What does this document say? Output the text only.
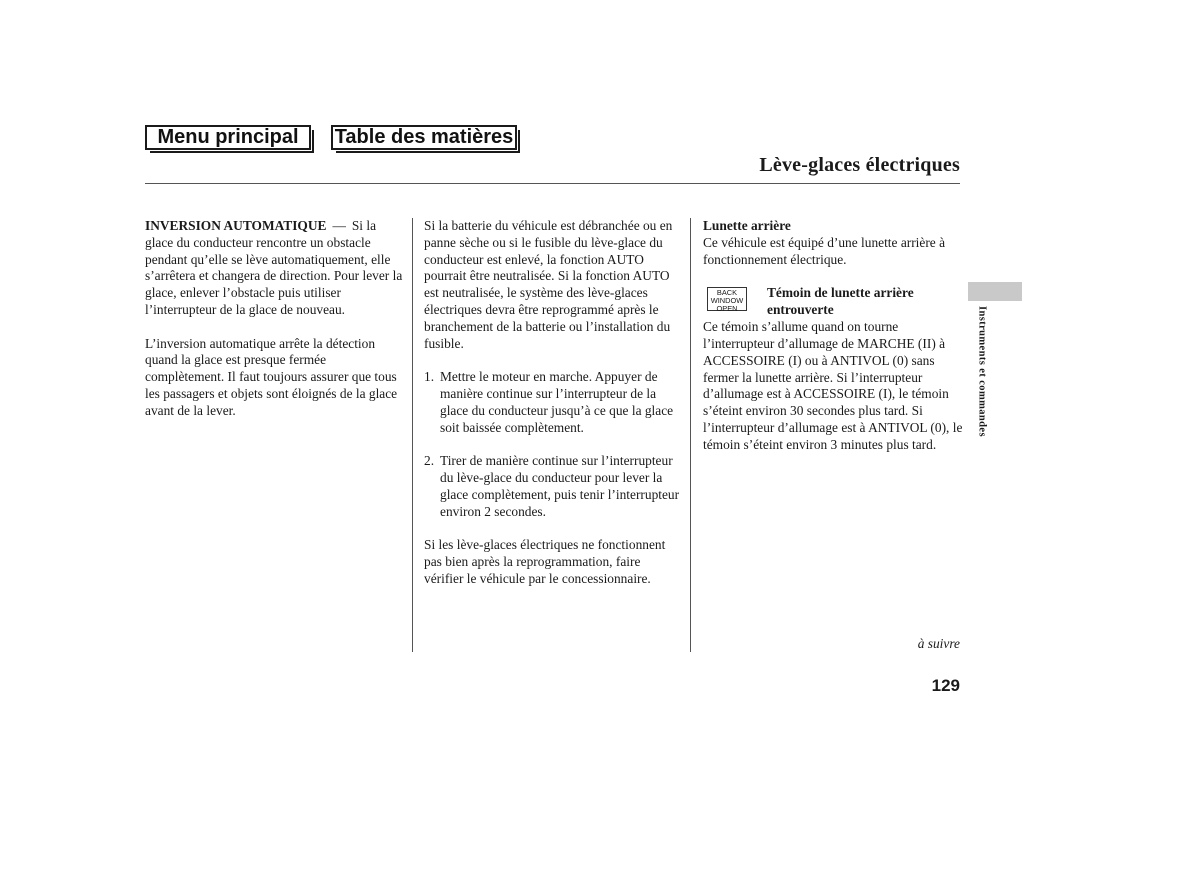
Menu principal	Table des matières
Lève-glaces électriques

INVERSION AUTOMATIQUE — Si la glace du conducteur rencontre un obstacle pendant qu’elle se lève automatiquement, elle s’arrêtera et changera de direction. Pour lever la glace, enlever l’obstacle puis utiliser l’interrupteur de la glace de nouveau.

L’inversion automatique arrête la détection quand la glace est presque fermée complètement. Il faut toujours assurer que tous les passagers et objets sont éloignés de la glace avant de la lever.

Si la batterie du véhicule est débranchée ou en panne sèche ou si le fusible du lève-glace du conducteur est enlevé, la fonction AUTO pourrait être neutralisée. Si la fonction AUTO est neutralisée, le système des lève-glaces électriques devra être reprogrammé après le branchement de la batterie ou l’installation du fusible.

1. Mettre le moteur en marche. Appuyer de manière continue sur l’interrupteur de la glace du conducteur jusqu’à ce que la glace soit baissée complètement.
2. Tirer de manière continue sur l’interrupteur du lève-glace du conducteur pour lever la glace complètement, puis tenir l’interrupteur environ 2 secondes.

Si les lève-glaces électriques ne fonctionnent pas bien après la reprogrammation, faire vérifier le véhicule par le concessionnaire.

Lunette arrière
Ce véhicule est équipé d’une lunette arrière à fonctionnement électrique.
BACK
WINDOW
OPEN
Témoin de lunette arrière entrouverte
Ce témoin s’allume quand on tourne l’interrupteur d’allumage de MARCHE (II) à ACCESSOIRE (I) ou à ANTIVOL (0) sans fermer la lunette arrière. Si l’interrupteur d’allumage est à ACCESSOIRE (I), le témoin s’éteint environ 30 secondes plus tard. Si l’interrupteur d’allumage est à ANTIVOL (0), le témoin s’éteint environ 3 minutes plus tard.
Instruments et commandes
à suivre
129
